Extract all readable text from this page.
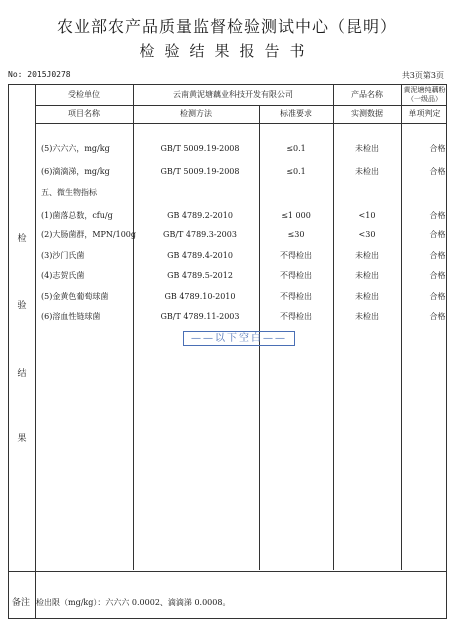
农业部农产品质量监督检验测试中心（昆明）
检验结果报告书
No: 2015J0278	共3页第3页
受检单位	云南黄泥塘藕业科技开发有限公司	产品名称	黄泥塘纯藕粉（一级品）
项目名称	检测方法	标准要求	实测数据	单项判定
检
验
结
果
(5)六六六，mg/kg	GB/T 5009.19-2008	≤0.1	未检出	合格
(6)滴滴涕，mg/kg	GB/T 5009.19-2008	≤0.1	未检出	合格
五、微生物指标
(1)菌落总数，cfu/g	GB 4789.2-2010	≤1 000	<10	合格
(2)大肠菌群，MPN/100g	GB/T 4789.3-2003	≤30	<30	合格
(3)沙门氏菌	GB 4789.4-2010	不得检出	未检出	合格
(4)志贺氏菌	GB 4789.5-2012	不得检出	未检出	合格
(5)金黄色葡萄球菌	GB 4789.10-2010	不得检出	未检出	合格
(6)溶血性链球菌	GB/T 4789.11-2003	不得检出	未检出	合格
——以下空白——
备注 检出限（mg/kg）：六六六 0.0002、滴滴涕 0.0008。
